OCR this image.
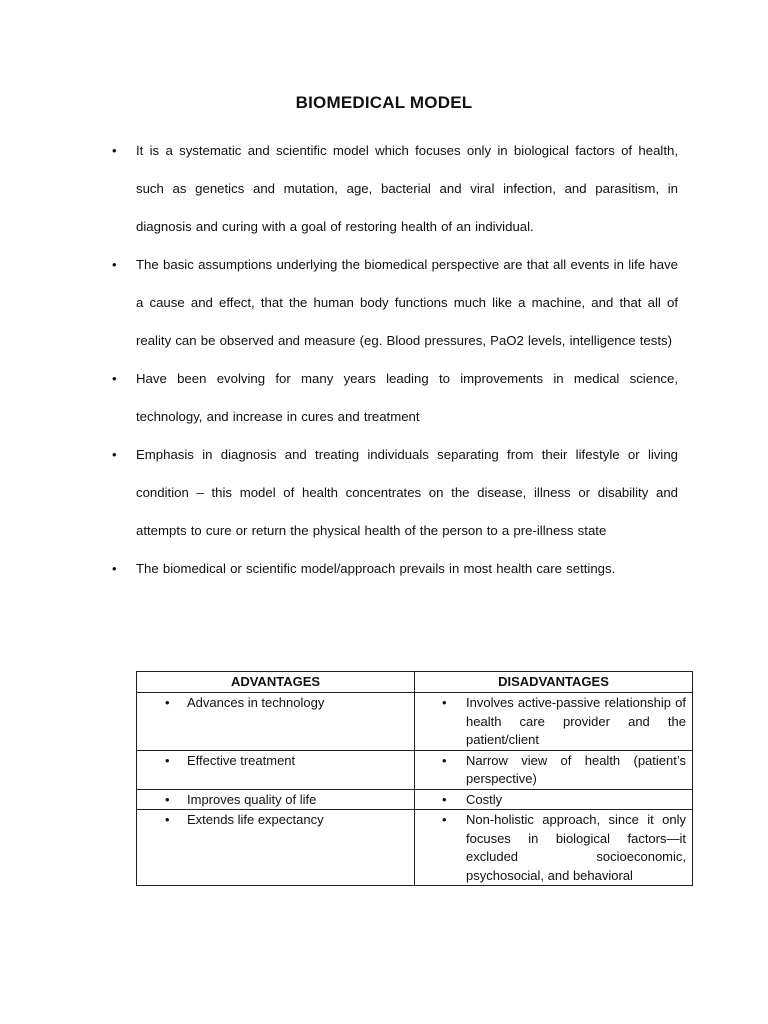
BIOMEDICAL MODEL
• It is a systematic and scientific model which focuses only in biological factors of health, such as genetics and mutation, age, bacterial and viral infection, and parasitism, in diagnosis and curing with a goal of restoring health of an individual.
• The basic assumptions underlying the biomedical perspective are that all events in life have a cause and effect, that the human body functions much like a machine, and that all of reality can be observed and measure (eg. Blood pressures, PaO2 levels, intelligence tests)
• Have been evolving for many years leading to improvements in medical science, technology, and increase in cures and treatment
• Emphasis in diagnosis and treating individuals separating from their lifestyle or living condition – this model of health concentrates on the disease, illness or disability and attempts to cure or return the physical health of the person to a pre-illness state
• The biomedical or scientific model/approach prevails in most health care settings.
ADVANTAGES	DISADVANTAGES

• Advances in technology	• Involves active-passive relationship of health care provider and the patient/client

• Effective treatment	• Narrow view of health (patient’s perspective)

• Improves quality of life	• Costly

• Extends life expectancy	• Non-holistic approach, since it only focuses in biological factors—it excluded socioeconomic, psychosocial, and behavioral
